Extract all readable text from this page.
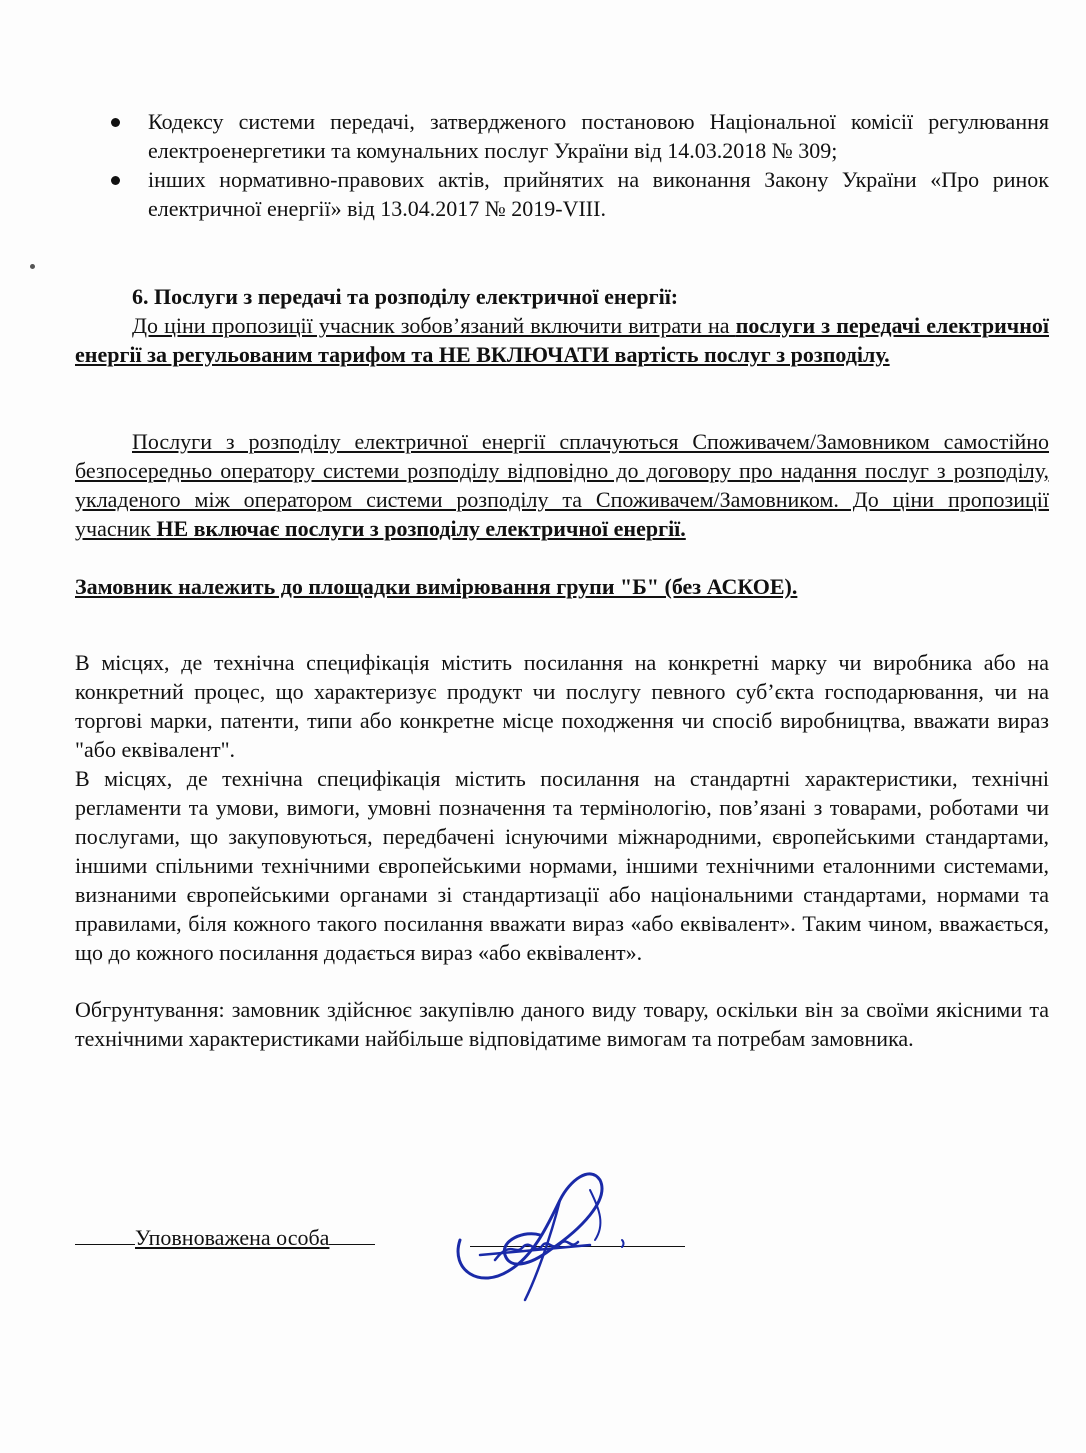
Кодексу системи передачі, затвердженого постановою Національної комісії регулювання електроенергетики та комунальних послуг України від 14.03.2018 № 309;
інших нормативно-правових актів, прийнятих на виконання Закону України «Про ринок електричної енергії» від 13.04.2017 № 2019-VIII.
6. Послуги з передачі та розподілу електричної енергії:
До ціни пропозиції учасник зобов’язаний включити витрати на послуги з передачі електричної енергії за регульованим тарифом та НЕ ВКЛЮЧАТИ вартість послуг з розподілу.
Послуги з розподілу електричної енергії сплачуються Споживачем/Замовником самостійно безпосередньо оператору системи розподілу відповідно до договору про надання послуг з розподілу, укладеного між оператором системи розподілу та Споживачем/Замовником. До ціни пропозиції учасник НЕ включає послуги з розподілу електричної енергії.
Замовник належить до площадки вимірювання групи "Б" (без АСКОЕ).
В місцях, де технічна специфікація містить посилання на конкретні марку чи виробника або на конкретний процес, що характеризує продукт чи послугу певного суб’єкта господарювання, чи на торгові марки, патенти, типи або конкретне місце походження чи спосіб виробництва, вважати вираз "або еквівалент".
В місцях, де технічна специфікація містить посилання на стандартні характеристики, технічні регламенти та умови, вимоги, умовні позначення та термінологію, пов’язані з товарами, роботами чи послугами, що закуповуються, передбачені існуючими міжнародними, європейськими стандартами, іншими спільними технічними європейськими нормами, іншими технічними еталонними системами, визнаними європейськими органами зі стандартизації або національними стандартами, нормами та правилами, біля кожного такого посилання вважати вираз «або еквівалент». Таким чином, вважається, що до кожного посилання додається вираз «або еквівалент».
Обгрунтування: замовник здійснює закупівлю даного виду товару, оскільки він за своїми якісними та технічними характеристиками найбільше відповідатиме вимогам та потребам замовника.
Уповноважена особа
